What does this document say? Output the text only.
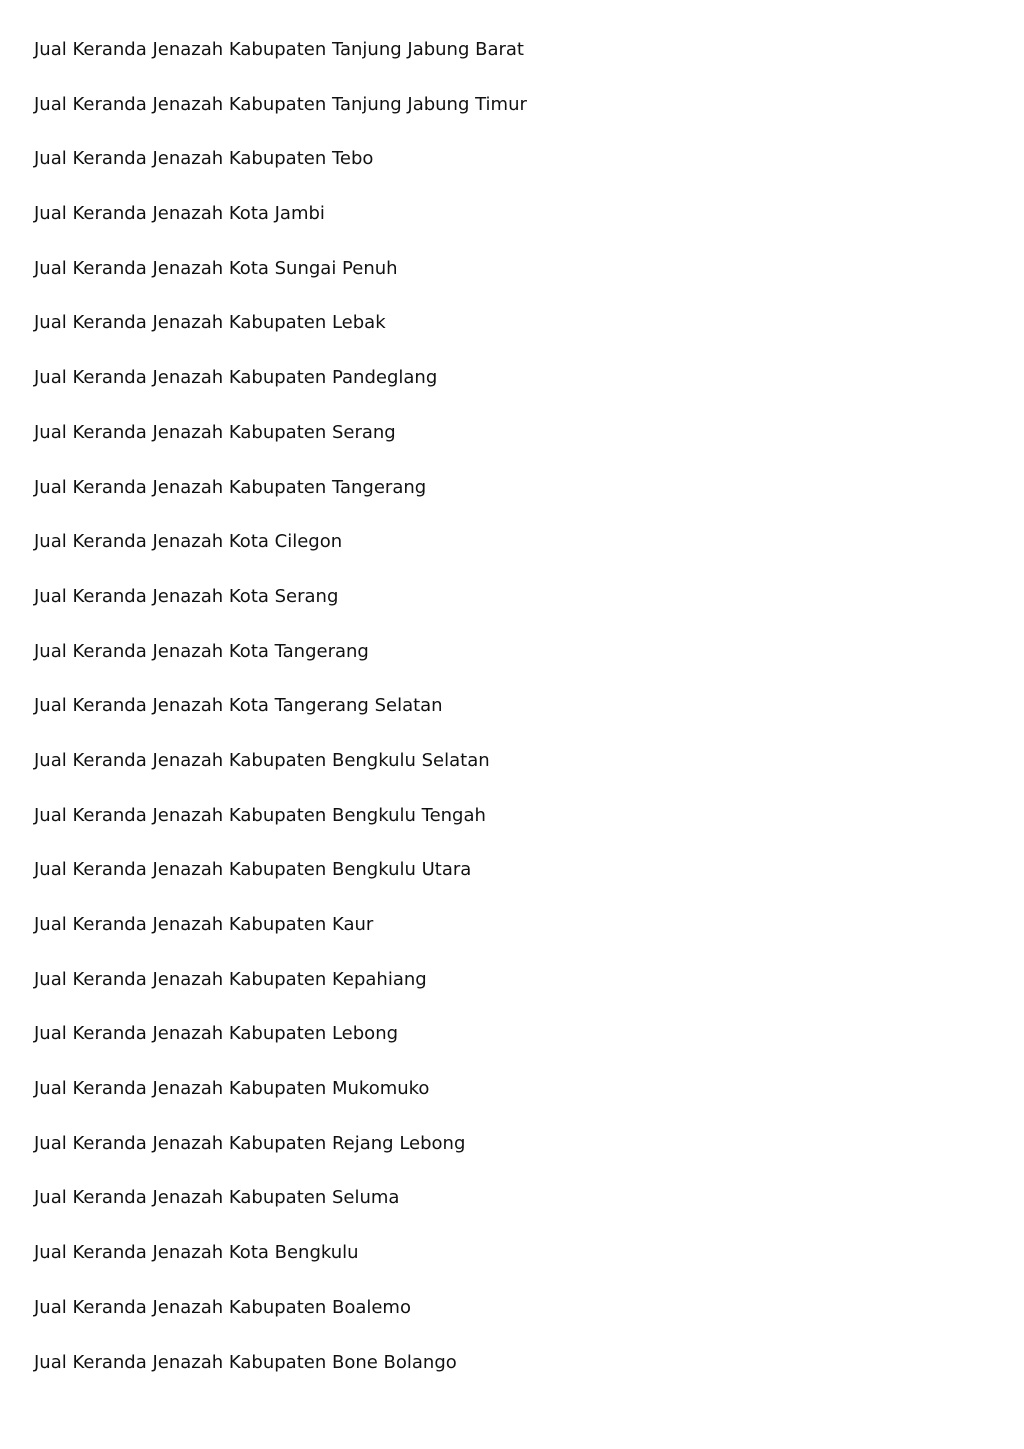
Jual Keranda Jenazah Kabupaten Tanjung Jabung Barat
Jual Keranda Jenazah Kabupaten Tanjung Jabung Timur
Jual Keranda Jenazah Kabupaten Tebo
Jual Keranda Jenazah Kota Jambi
Jual Keranda Jenazah Kota Sungai Penuh
Jual Keranda Jenazah Kabupaten Lebak
Jual Keranda Jenazah Kabupaten Pandeglang
Jual Keranda Jenazah Kabupaten Serang
Jual Keranda Jenazah Kabupaten Tangerang
Jual Keranda Jenazah Kota Cilegon
Jual Keranda Jenazah Kota Serang
Jual Keranda Jenazah Kota Tangerang
Jual Keranda Jenazah Kota Tangerang Selatan
Jual Keranda Jenazah Kabupaten Bengkulu Selatan
Jual Keranda Jenazah Kabupaten Bengkulu Tengah
Jual Keranda Jenazah Kabupaten Bengkulu Utara
Jual Keranda Jenazah Kabupaten Kaur
Jual Keranda Jenazah Kabupaten Kepahiang
Jual Keranda Jenazah Kabupaten Lebong
Jual Keranda Jenazah Kabupaten Mukomuko
Jual Keranda Jenazah Kabupaten Rejang Lebong
Jual Keranda Jenazah Kabupaten Seluma
Jual Keranda Jenazah Kota Bengkulu
Jual Keranda Jenazah Kabupaten Boalemo
Jual Keranda Jenazah Kabupaten Bone Bolango
